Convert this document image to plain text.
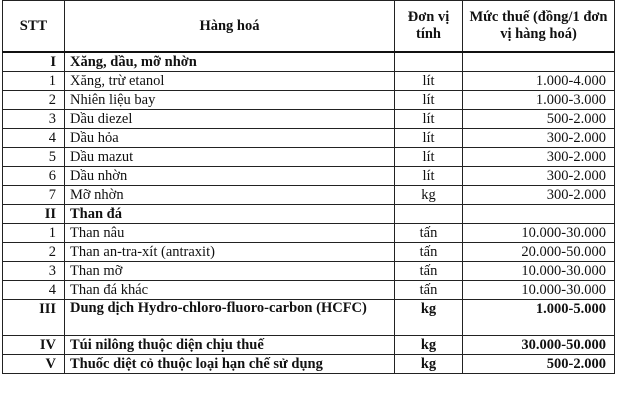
STT	Hàng hoá	Đơn vị tính	Mức thuế (đồng/1 đơn vị hàng hoá)
I	Xăng, dầu, mỡ nhờn		
1	Xăng, trừ etanol	lít	1.000-4.000
2	Nhiên liệu bay	lít	1.000-3.000
3	Dầu diezel	lít	500-2.000
4	Dầu hỏa	lít	300-2.000
5	Dầu mazut	lít	300-2.000
6	Dầu nhờn	lít	300-2.000
7	Mỡ nhờn	kg	300-2.000
II	Than đá		
1	Than nâu	tấn	10.000-30.000
2	Than an-tra-xít (antraxit)	tấn	20.000-50.000
3	Than mỡ	tấn	10.000-30.000
4	Than đá khác	tấn	10.000-30.000
III	Dung dịch Hydro-chloro-fluoro-carbon (HCFC)	kg	1.000-5.000
IV	Túi nilông thuộc diện chịu thuế	kg	30.000-50.000
V	Thuốc diệt cỏ thuộc loại hạn chế sử dụng	kg	500-2.000
